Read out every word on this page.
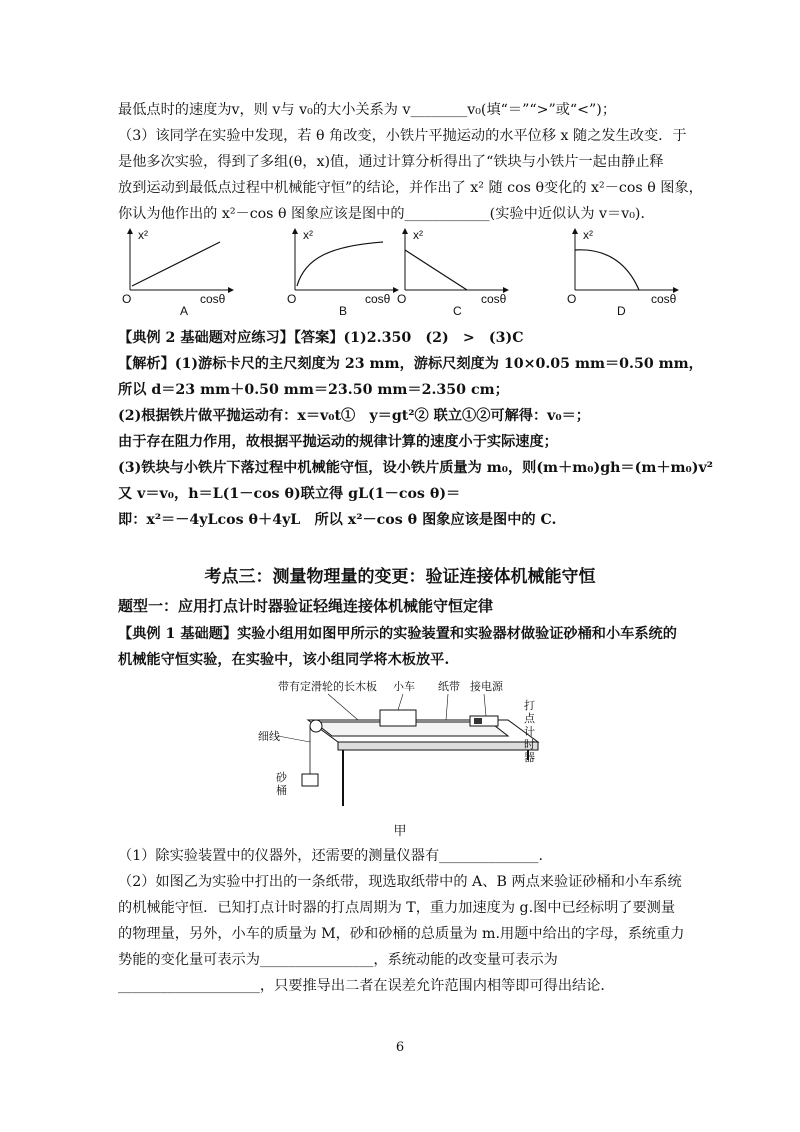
最低点时的速度为v，则 v与 v₀的大小关系为 v________v₀(填“＝”“>”或“<”)；
（3）该同学在实验中发现，若 θ 角改变，小铁片平抛运动的水平位移 x 随之发生改变．于
是他多次实验，得到了多组(θ，x)值，通过计算分析得出了“铁块与小铁片一起由静止释
放到运动到最低点过程中机械能守恒”的结论，并作出了 x² 随 cos θ变化的 x²－cos θ 图象，
你认为他作出的 x²－cos θ 图象应该是图中的____________(实验中近似认为 v＝v₀)．
x²
O	cosθ
A
x²
O	cosθ
B
x²
O	cosθ
C
x²
O	cosθ
D
【典例 2 基础题对应练习】【答案】(1)2.350　(2)　>　(3)C
【解析】(1)游标卡尺的主尺刻度为 23 mm，游标尺刻度为 10×0.05 mm＝0.50 mm，
所以 d＝23 mm＋0.50 mm＝23.50 mm＝2.350 cm；
(2)根据铁片做平抛运动有：x＝v₀t①　y＝gt²② 联立①②可解得：v₀＝；
由于存在阻力作用，故根据平抛运动的规律计算的速度小于实际速度；
(3)铁块与小铁片下落过程中机械能守恒，设小铁片质量为 m₀，则(m＋m₀)gh＝(m＋m₀)v²
又 v＝v₀，h＝L(1－cos θ)联立得 gL(1－cos θ)＝
即：x²＝－4yLcos θ＋4yL　所以 x²－cos θ 图象应该是图中的 C.
考点三：测量物理量的变更：验证连接体机械能守恒
题型一：应用打点计时器验证轻绳连接体机械能守恒定律
【典例 1 基础题】实验小组用如图甲所示的实验装置和实验器材做验证砂桶和小车系统的
机械能守恒实验，在实验中，该小组同学将木板放平.
带有定滑轮的长木板 小车 纸带 接电源
打点计时器
细线
砂桶
甲
（1）除实验装置中的仪器外，还需要的测量仪器有______________.
（2）如图乙为实验中打出的一条纸带，现选取纸带中的 A、B 两点来验证砂桶和小车系统
的机械能守恒．已知打点计时器的打点周期为 T，重力加速度为 g.图中已经标明了要测量
的物理量，另外，小车的质量为 M，砂和砂桶的总质量为 m.用题中给出的字母，系统重力
势能的变化量可表示为________________，系统动能的改变量可表示为
____________________，只要推导出二者在误差允许范围内相等即可得出结论．
6
